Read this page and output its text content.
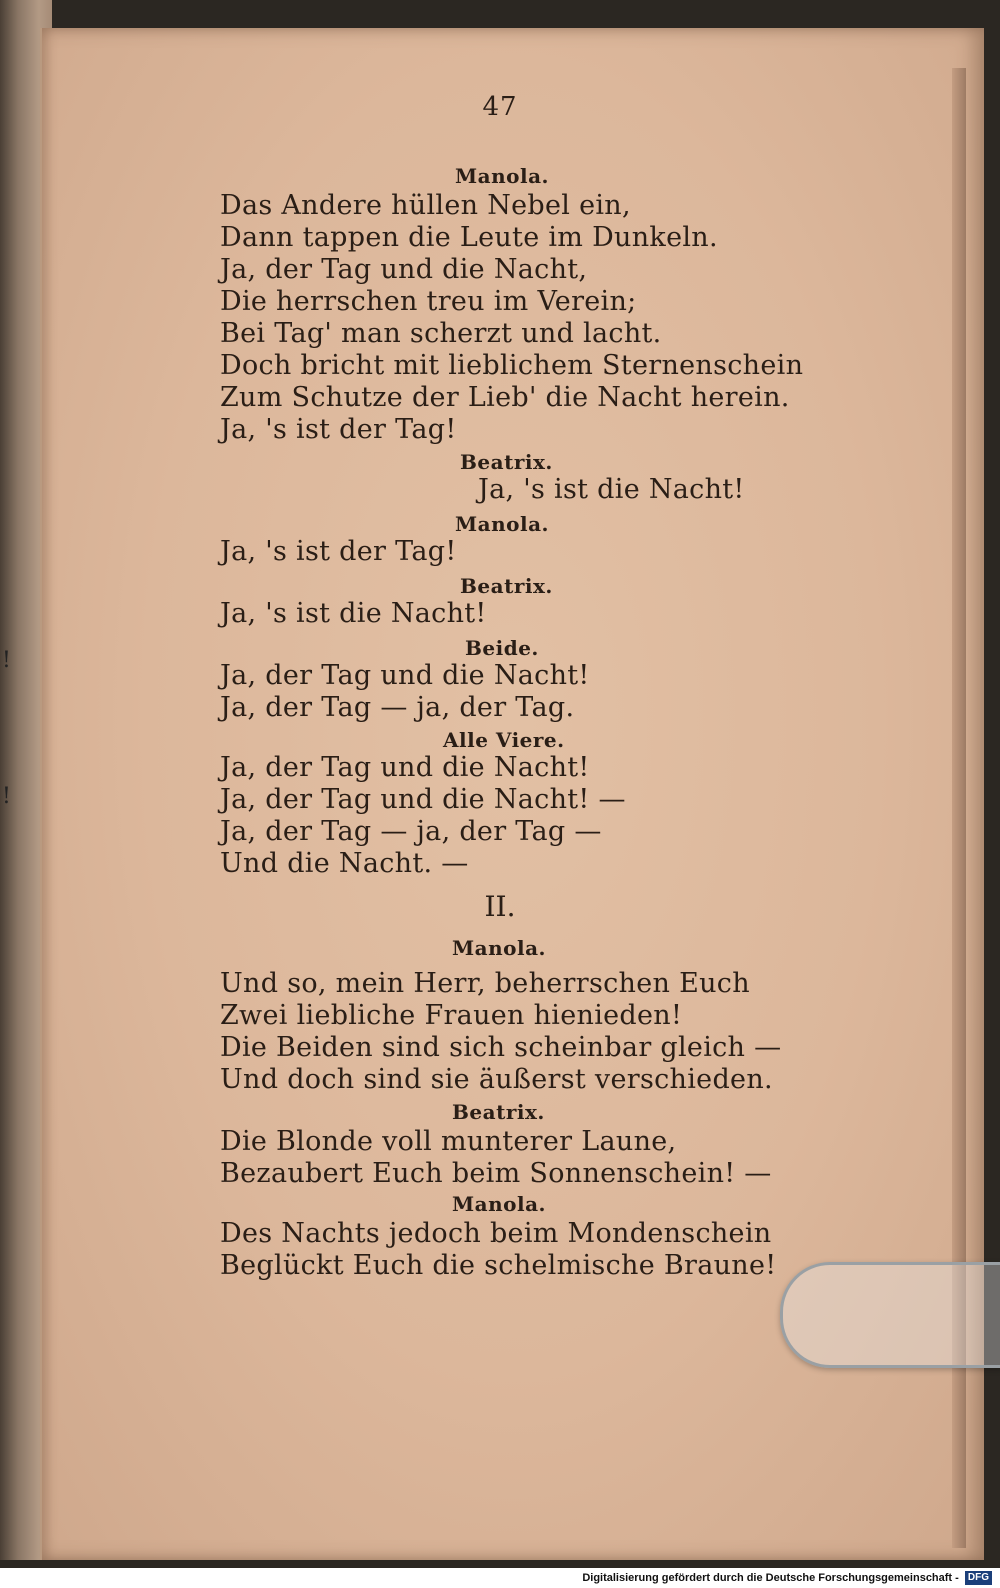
47
Manola.
Das Andere hüllen Nebel ein,
Dann tappen die Leute im Dunkeln.
Ja, der Tag und die Nacht,
Die herrschen treu im Verein;
Bei Tag' man scherzt und lacht.
Doch bricht mit lieblichem Sternenschein
Zum Schutze der Lieb' die Nacht herein.
Ja, 's ist der Tag!
Beatrix.
Ja, 's ist die Nacht!
Manola.
Ja, 's ist der Tag!
Beatrix.
Ja, 's ist die Nacht!
Beide.
Ja, der Tag und die Nacht!
Ja, der Tag — ja, der Tag.
Alle Viere.
Ja, der Tag und die Nacht!
Ja, der Tag und die Nacht! —
Ja, der Tag — ja, der Tag —
Und die Nacht. —
II.
Manola.
Und so, mein Herr, beherrschen Euch
Zwei liebliche Frauen hienieden!
Die Beiden sind sich scheinbar gleich —
Und doch sind sie äußerst verschieden.
Beatrix.
Die Blonde voll munterer Laune,
Bezaubert Euch beim Sonnenschein! —
Manola.
Des Nachts jedoch beim Mondenschein
Beglückt Euch die schelmische Braune!
!
!
Digitalisierung gefördert durch die Deutsche Forschungsgemeinschaft - DFG
